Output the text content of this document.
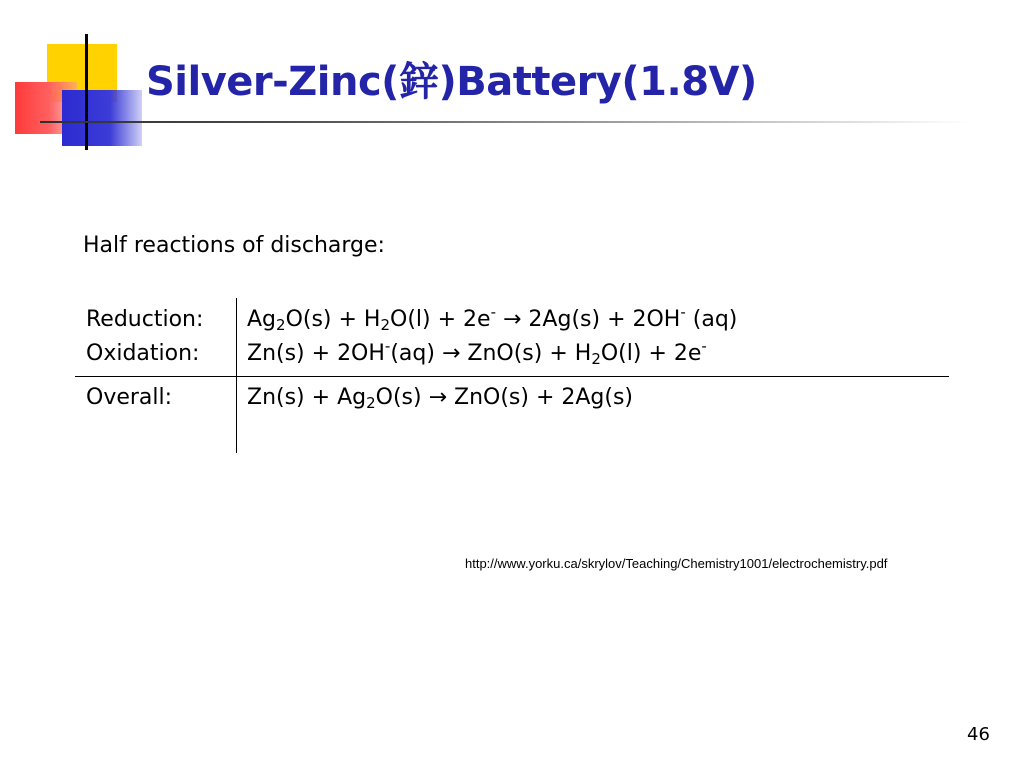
Silver-Zinc(鋅)Battery(1.8V)
Half reactions of discharge:
Reduction: $Ag_2O(s) + H_2O(l) + 2e^- \to 2Ag(s) + 2OH^-$ (aq)
Oxidation: $Zn(s) + 2OH^-(aq) \to ZnO(s) + H_2O(l) + 2e^-$
Overall:	$Zn(s) + Ag_2O(s) \to ZnO(s) + 2Ag(s)$
http://www.yorku.ca/skrylov/Teaching/Chemistry1001/electrochemistry.pdf
46
